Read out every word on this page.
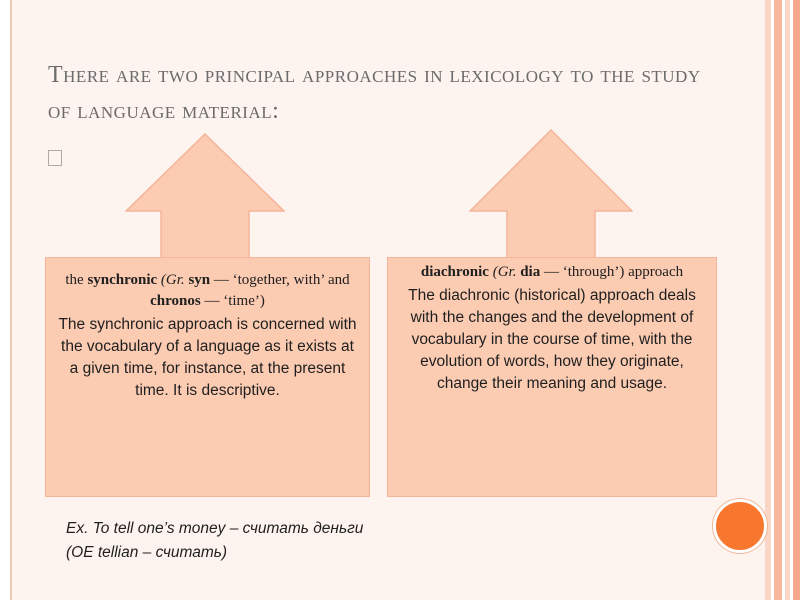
There are two principal approaches in lexicology to the study of language material:
the synchronic (Gr. syn — ‘together, with’ and chronos — ‘time’)
The synchronic approach is concerned with the vocabulary of a language as it exists at a given time, for instance, at the present time. It is descriptive.
diachronic (Gr. dia — ‘through’) approach
The diachronic (historical) approach deals with the changes and the development of vocabulary in the course of time, with the evolution of words, how they originate, change their meaning and usage.
Ex. To tell one’s money – считать деньги
(OE tellian – считать)
